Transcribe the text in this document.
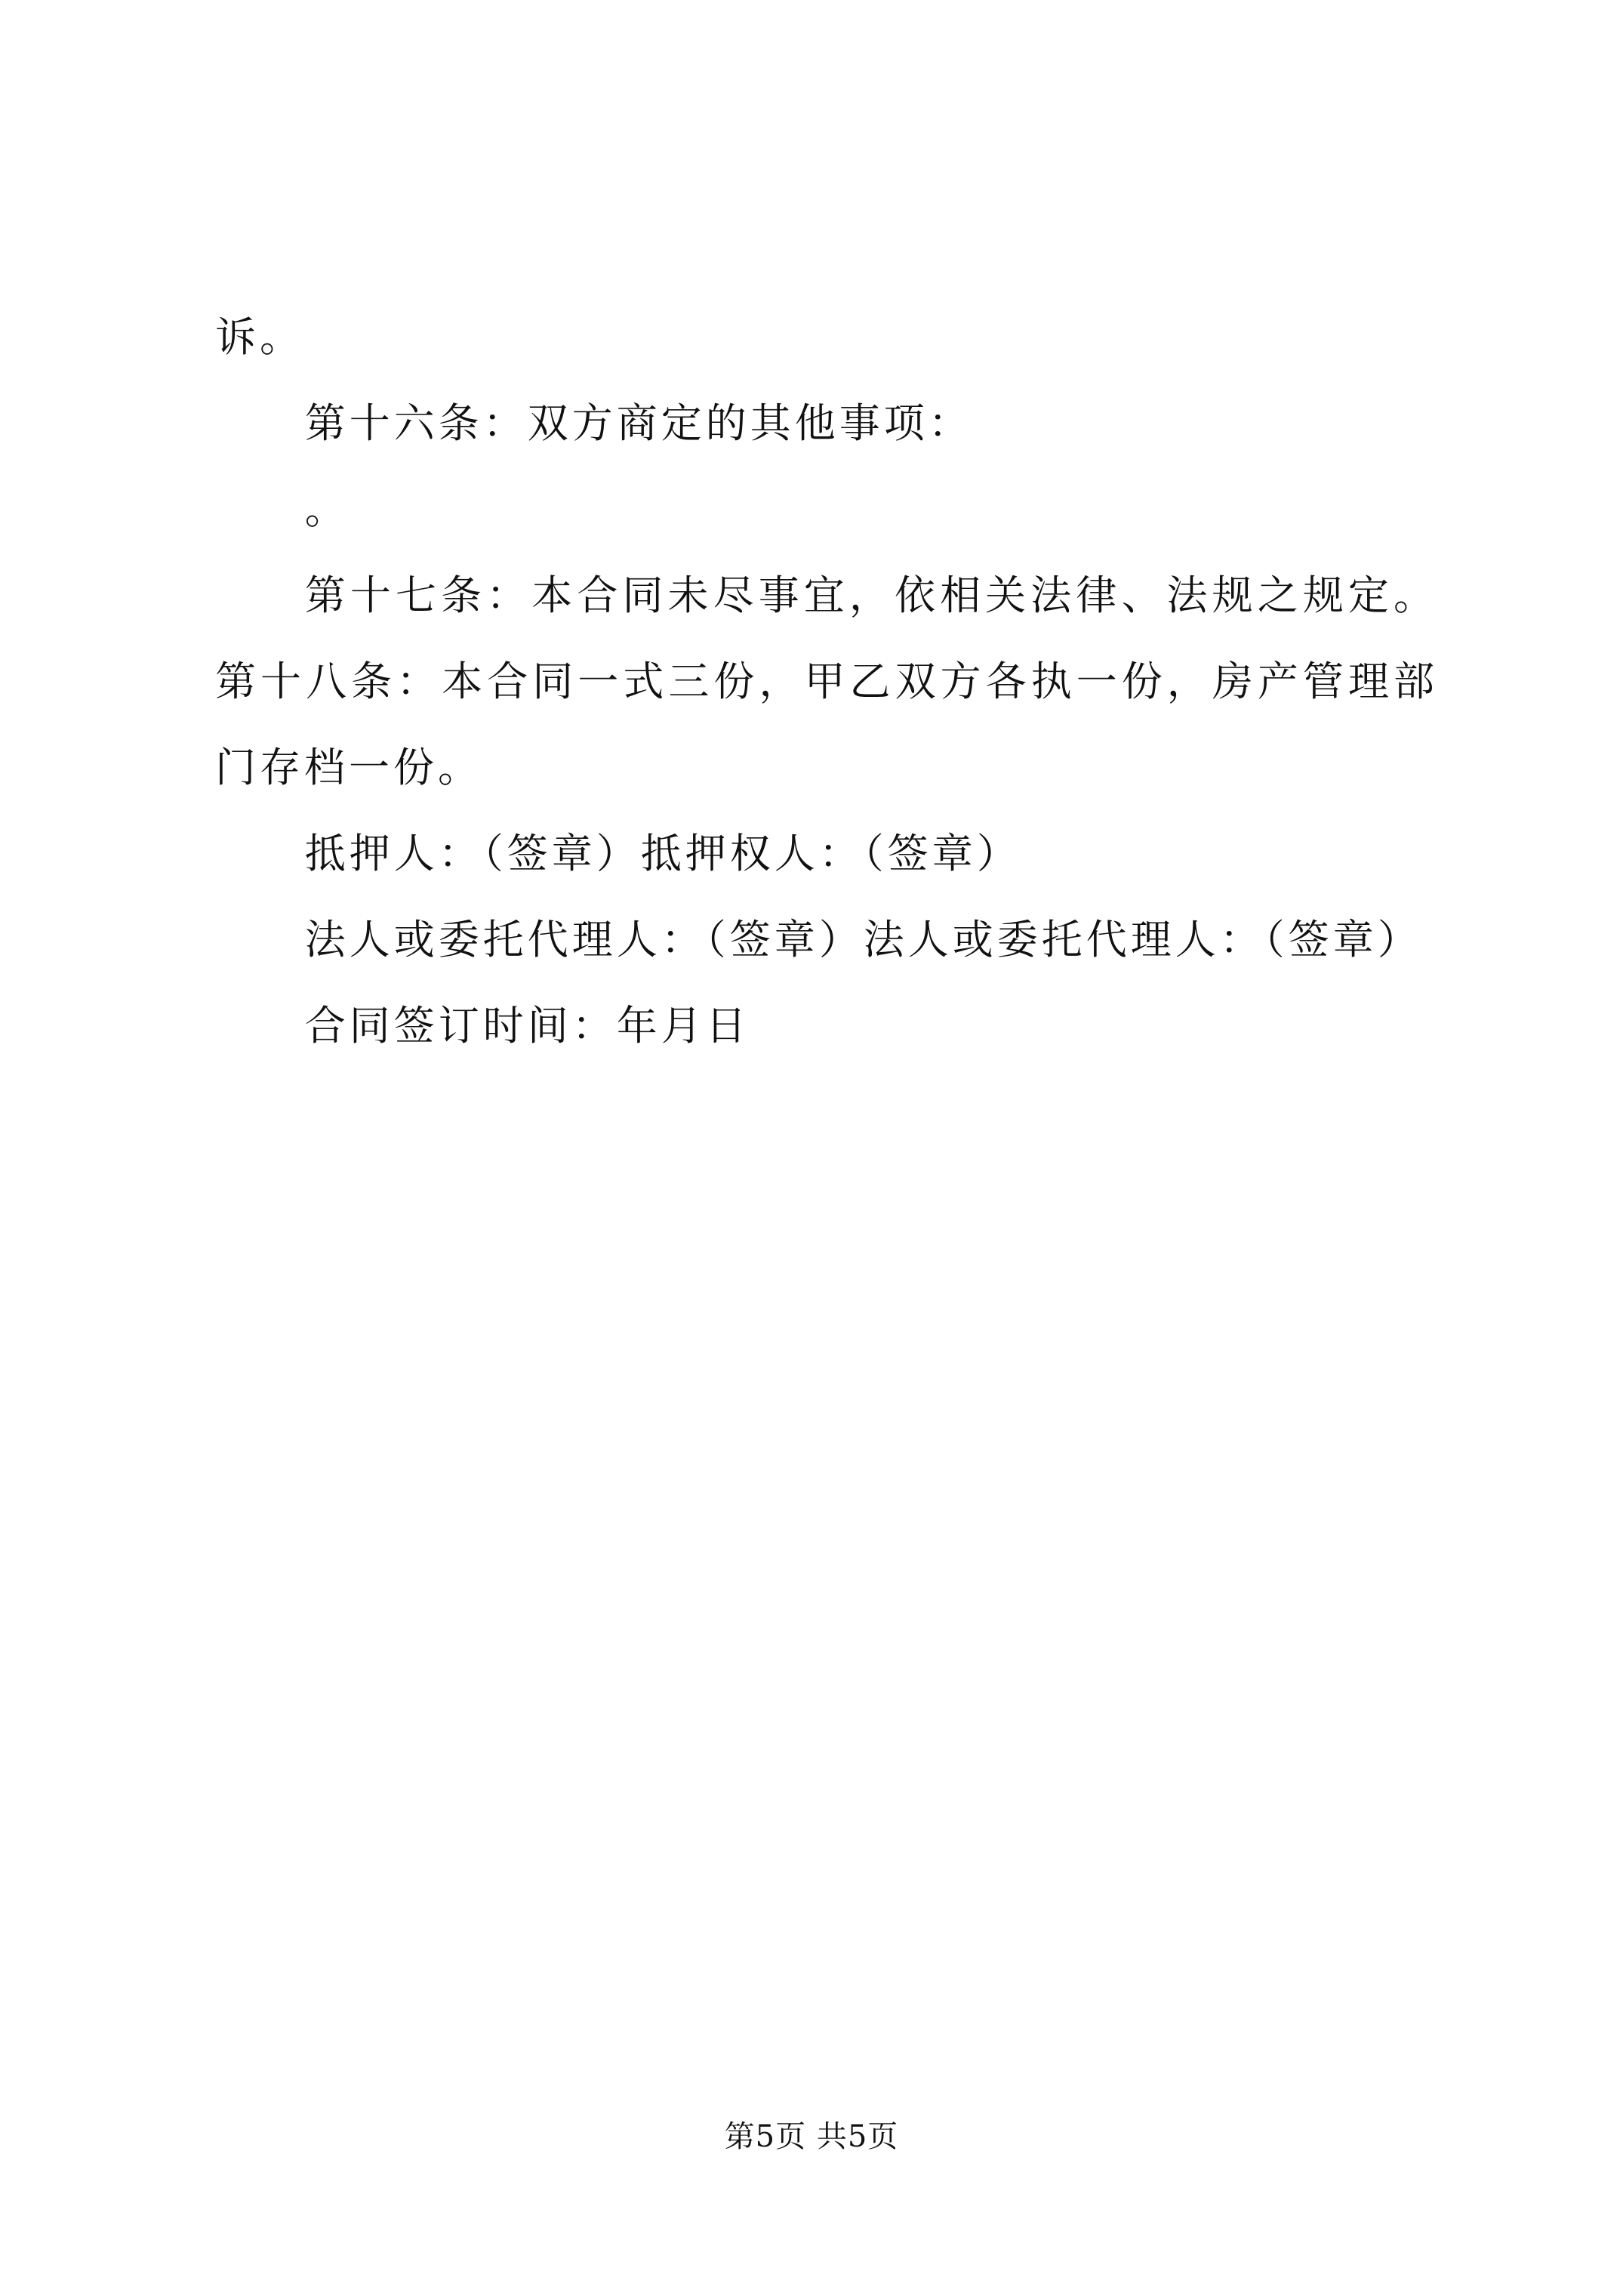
诉。

第十六条：双方商定的其他事项：

。

第十七条：本合同未尽事宜，依相关法律、法规之规定。第十八条：本合同一式三份，甲乙双方各执一份，房产管理部门存档一份。

抵押人：（签章）抵押权人：（签章）

法人或委托代理人：（签章）法人或委托代理人：（签章）

合同签订时间：年月日

第5页 共5页
